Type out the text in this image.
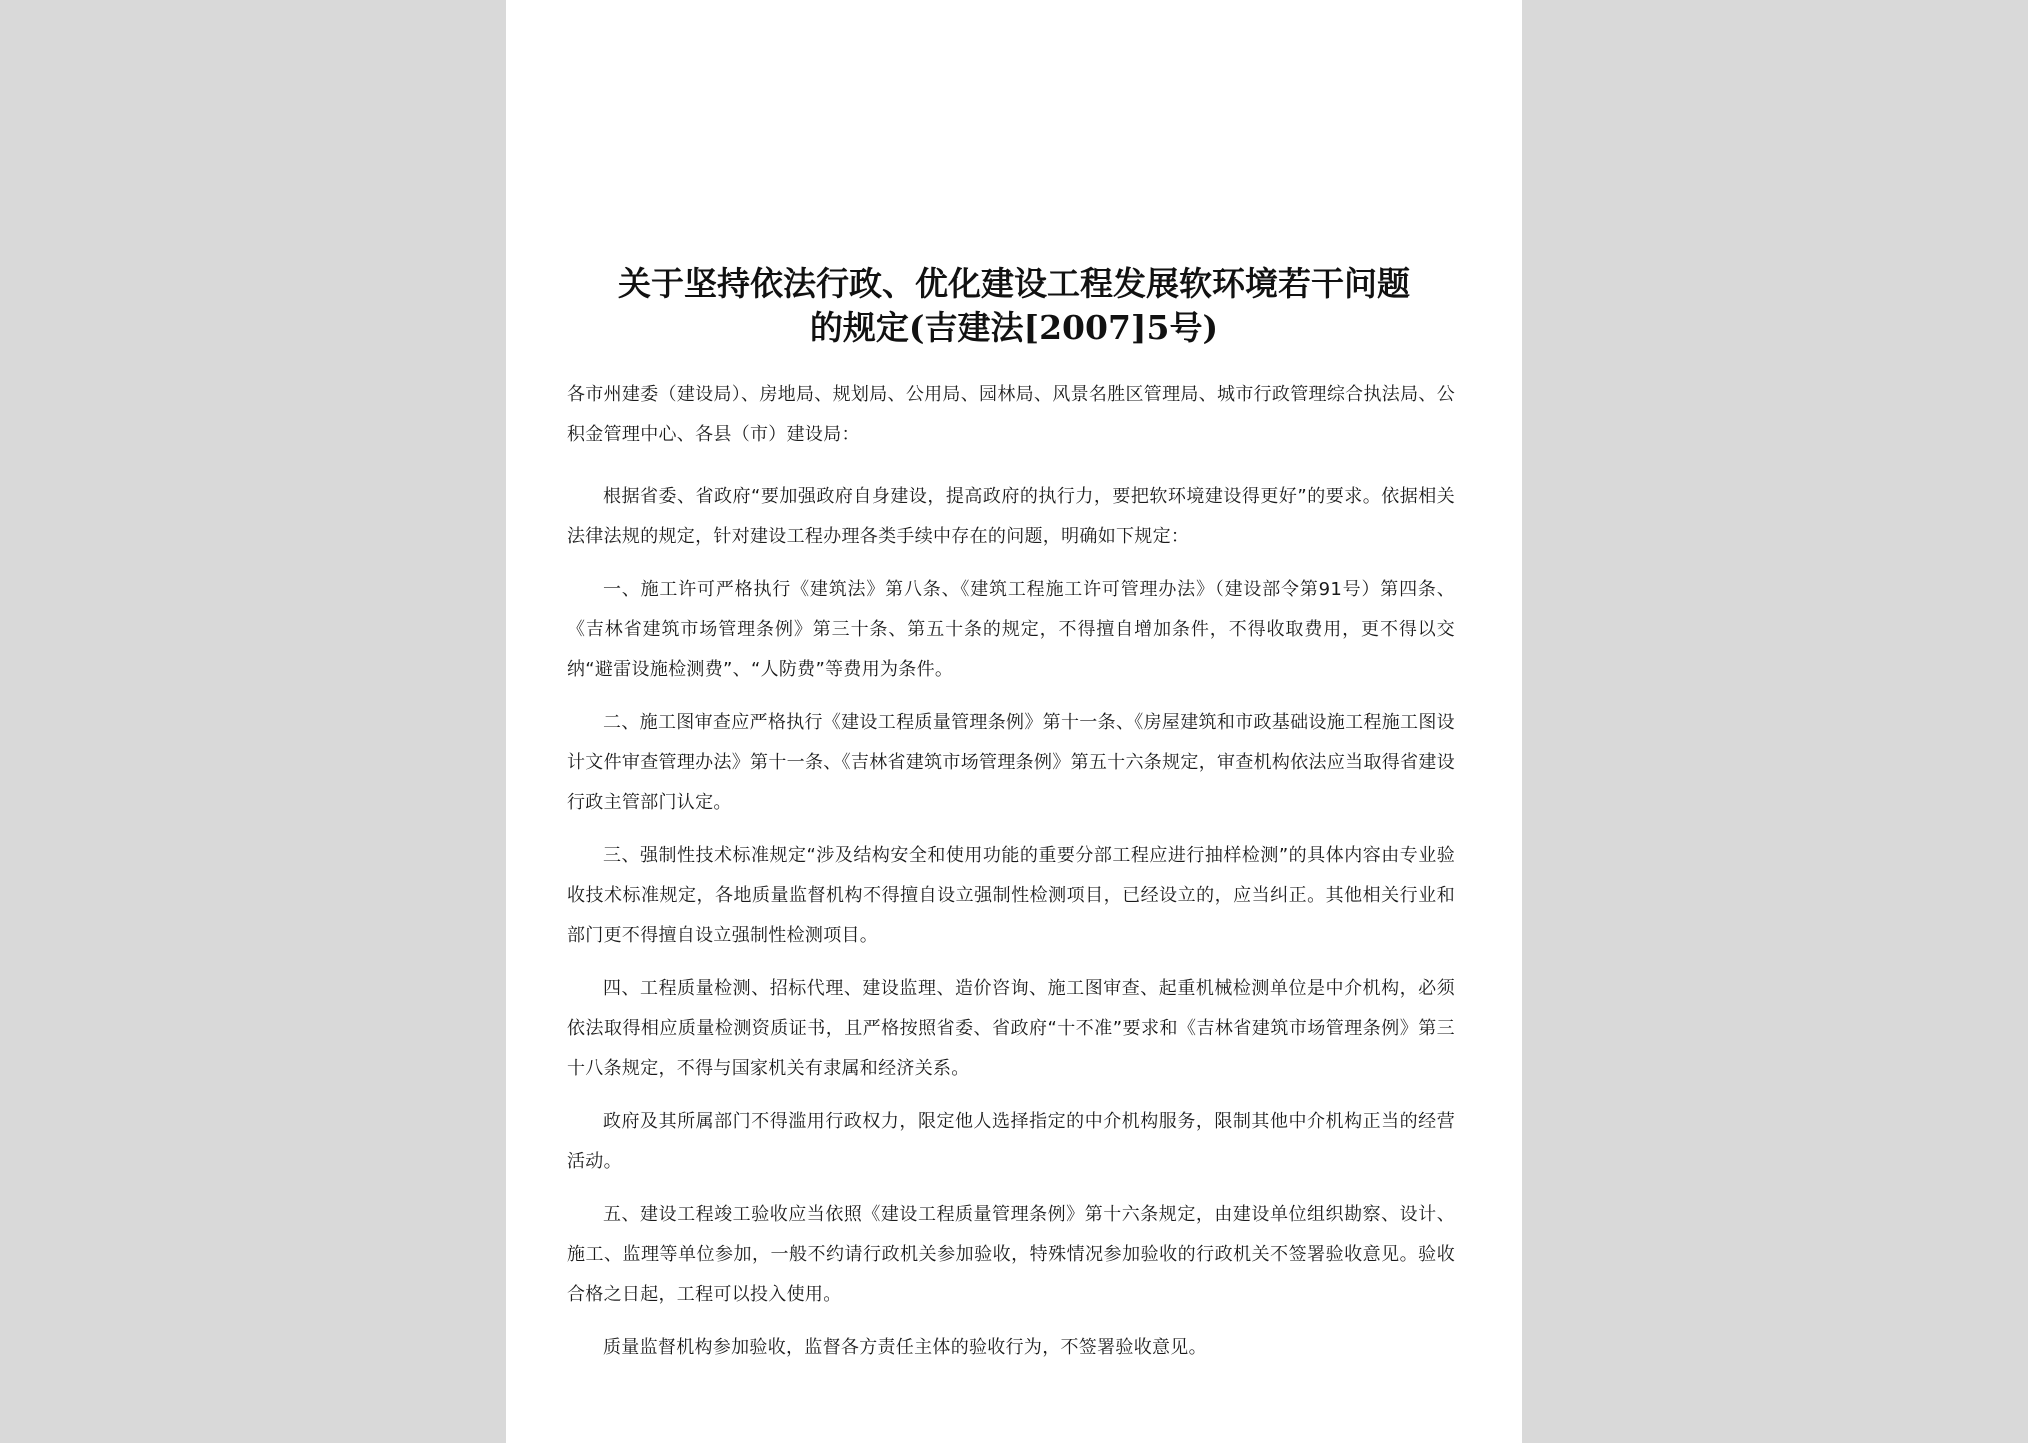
关于坚持依法行政、优化建设工程发展软环境若干问题
的规定(吉建法[2007]5号)

各市州建委（建设局）、房地局、规划局、公用局、园林局、风景名胜区管理局、城市行政管理综合执法局、公积金管理中心、各县（市）建设局：

根据省委、省政府“要加强政府自身建设，提高政府的执行力，要把软环境建设得更好”的要求。依据相关法律法规的规定，针对建设工程办理各类手续中存在的问题，明确如下规定：

一、施工许可严格执行《建筑法》第八条、《建筑工程施工许可管理办法》（建设部令第91号）第四条、《吉林省建筑市场管理条例》第三十条、第五十条的规定，不得擅自增加条件，不得收取费用，更不得以交纳“避雷设施检测费”、“人防费”等费用为条件。

二、施工图审查应严格执行《建设工程质量管理条例》第十一条、《房屋建筑和市政基础设施工程施工图设计文件审查管理办法》第十一条、《吉林省建筑市场管理条例》第五十六条规定，审查机构依法应当取得省建设行政主管部门认定。

三、强制性技术标准规定“涉及结构安全和使用功能的重要分部工程应进行抽样检测”的具体内容由专业验收技术标准规定，各地质量监督机构不得擅自设立强制性检测项目，已经设立的，应当纠正。其他相关行业和部门更不得擅自设立强制性检测项目。

四、工程质量检测、招标代理、建设监理、造价咨询、施工图审查、起重机械检测单位是中介机构，必须依法取得相应质量检测资质证书，且严格按照省委、省政府“十不准”要求和《吉林省建筑市场管理条例》第三十八条规定，不得与国家机关有隶属和经济关系。

政府及其所属部门不得滥用行政权力，限定他人选择指定的中介机构服务，限制其他中介机构正当的经营活动。

五、建设工程竣工验收应当依照《建设工程质量管理条例》第十六条规定，由建设单位组织勘察、设计、施工、监理等单位参加，一般不约请行政机关参加验收，特殊情况参加验收的行政机关不签署验收意见。验收合格之日起，工程可以投入使用。

质量监督机构参加验收，监督各方责任主体的验收行为，不签署验收意见。
